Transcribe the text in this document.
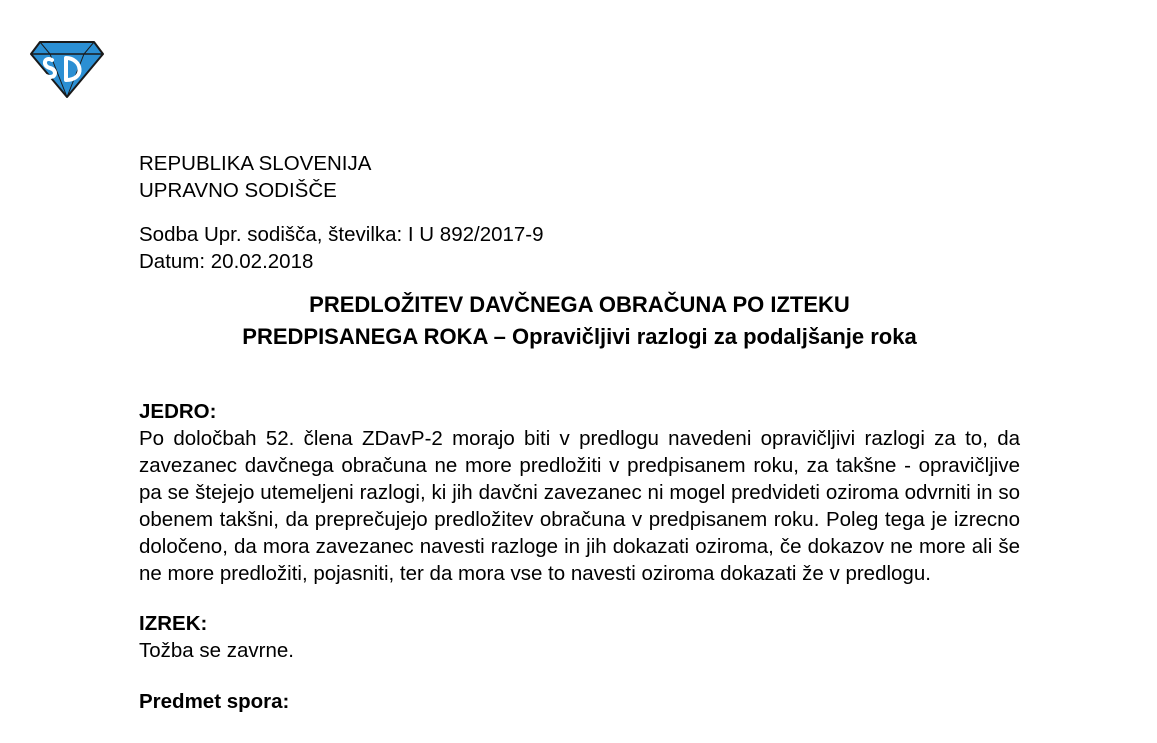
REPUBLIKA SLOVENIJA
UPRAVNO SODIŠČE
Sodba Upr. sodišča, številka: I U 892/2017-9
Datum: 20.02.2018
PREDLOŽITEV DAVČNEGA OBRAČUNA PO IZTEKU
PREDPISANEGA ROKA – Opravičljivi razlogi za podaljšanje roka
JEDRO:
Po določbah 52. člena ZDavP-2 morajo biti v predlogu navedeni opravičljivi razlogi za to, da zavezanec davčnega obračuna ne more predložiti v predpisanem roku, za takšne - opravičljive pa se štejejo utemeljeni razlogi, ki jih davčni zavezanec ni mogel predvideti oziroma odvrniti in so obenem takšni, da preprečujejo predložitev obračuna v predpisanem roku. Poleg tega je izrecno določeno, da mora zavezanec navesti razloge in jih dokazati oziroma, če dokazov ne more ali še ne more predložiti, pojasniti, ter da mora vse to navesti oziroma dokazati že v predlogu.
IZREK:
Tožba se zavrne.
Predmet spora:
